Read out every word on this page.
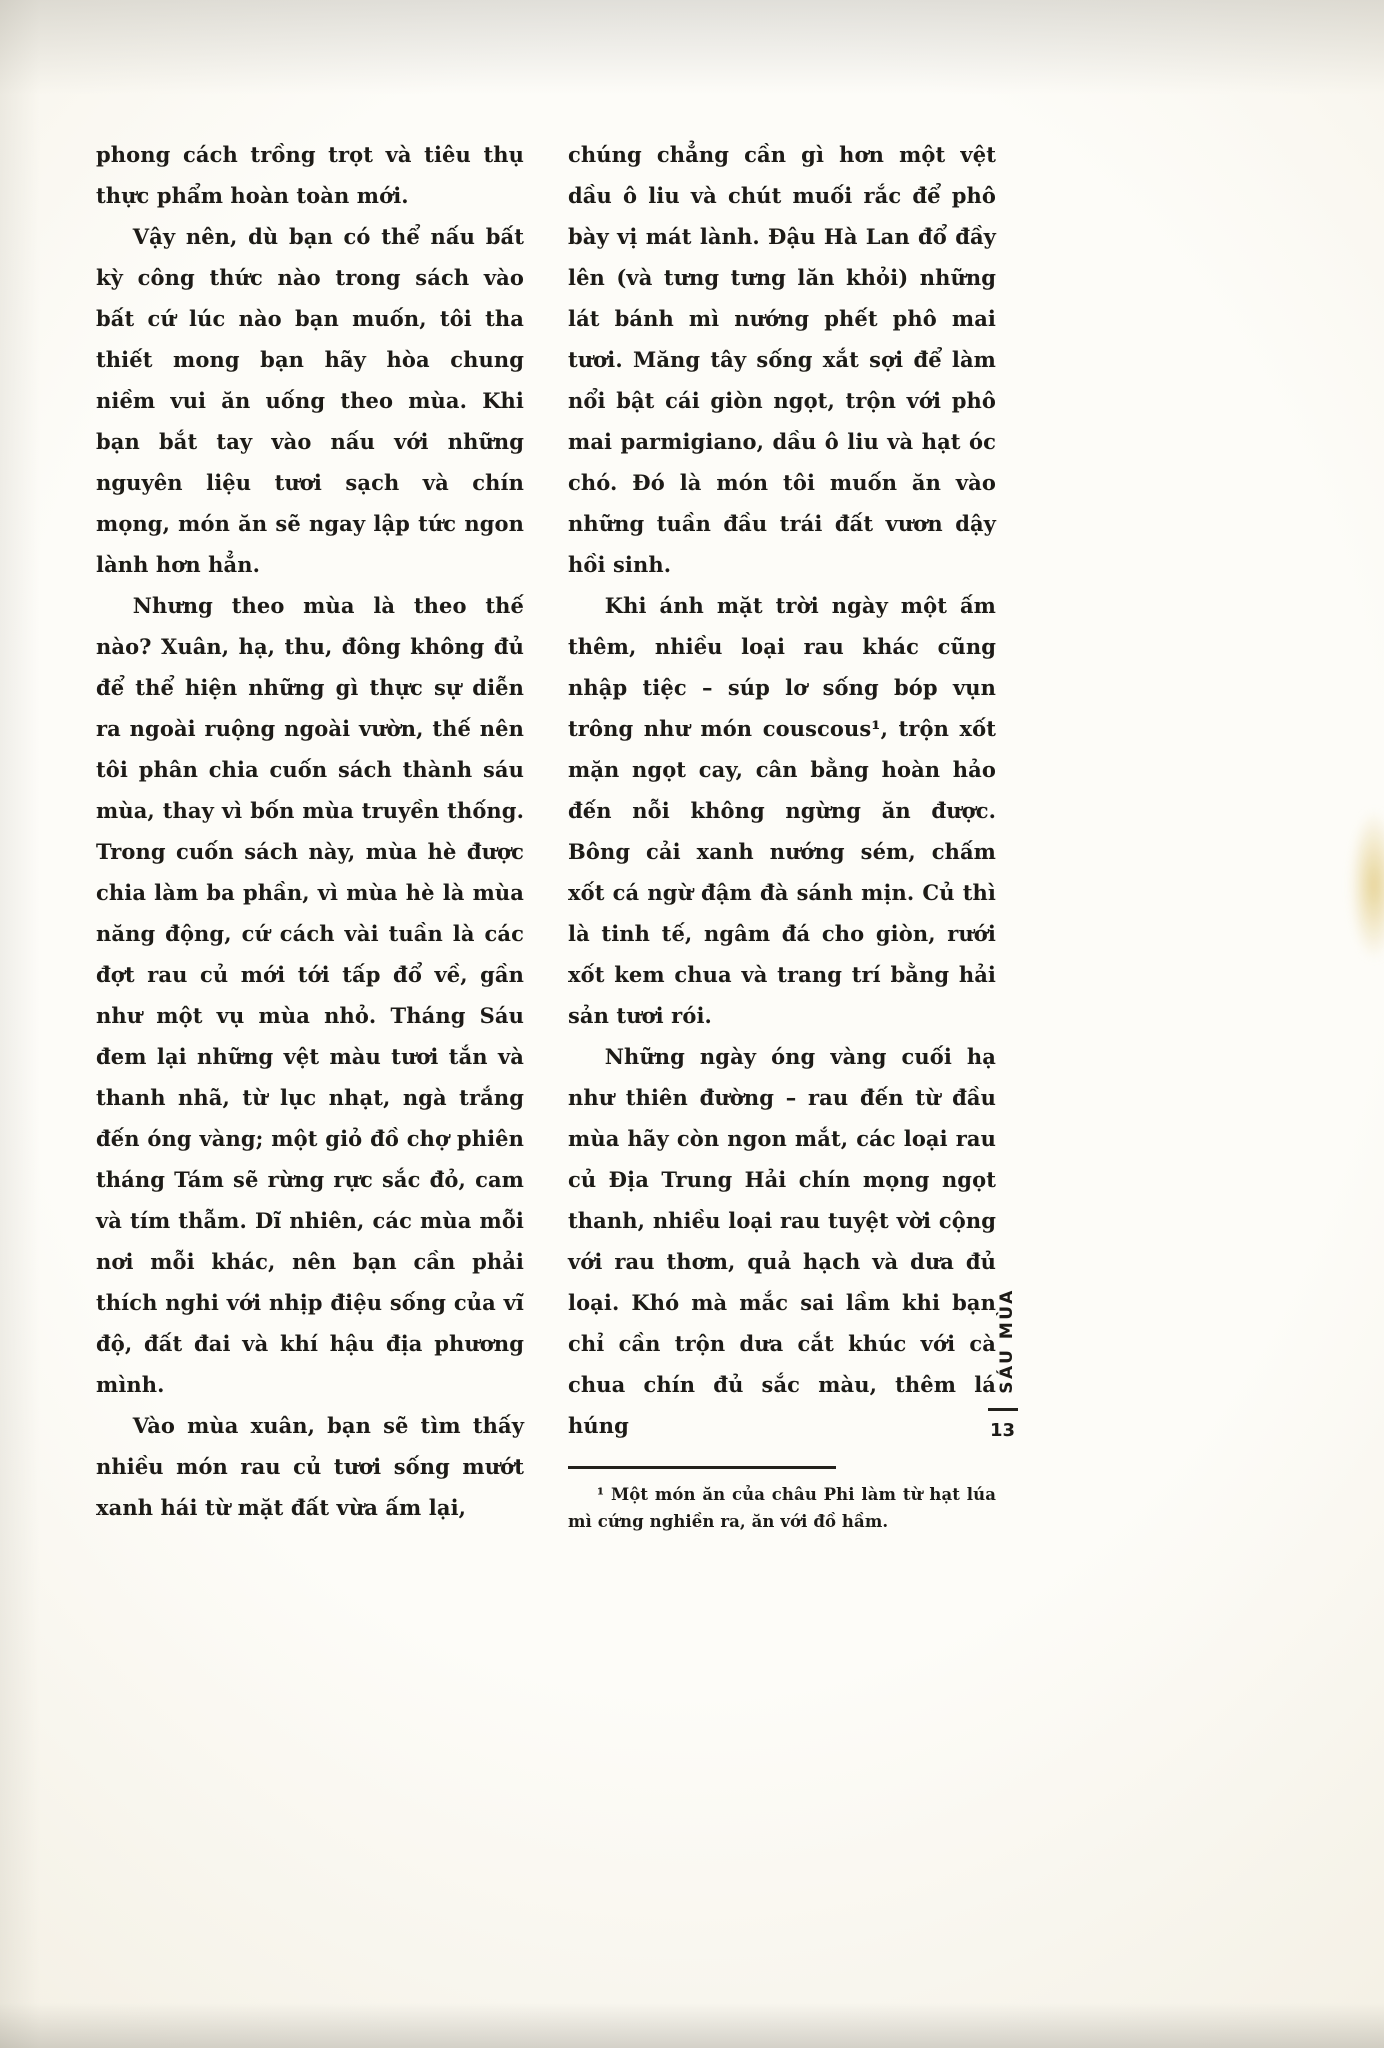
phong cách trồng trọt và tiêu thụ thực phẩm hoàn toàn mới.

Vậy nên, dù bạn có thể nấu bất kỳ công thức nào trong sách vào bất cứ lúc nào bạn muốn, tôi tha thiết mong bạn hãy hòa chung niềm vui ăn uống theo mùa. Khi bạn bắt tay vào nấu với những nguyên liệu tươi sạch và chín mọng, món ăn sẽ ngay lập tức ngon lành hơn hẳn.

Nhưng theo mùa là theo thế nào? Xuân, hạ, thu, đông không đủ để thể hiện những gì thực sự diễn ra ngoài ruộng ngoài vườn, thế nên tôi phân chia cuốn sách thành sáu mùa, thay vì bốn mùa truyền thống. Trong cuốn sách này, mùa hè được chia làm ba phần, vì mùa hè là mùa năng động, cứ cách vài tuần là các đợt rau củ mới tới tấp đổ về, gần như một vụ mùa nhỏ. Tháng Sáu đem lại những vệt màu tươi tắn và thanh nhã, từ lục nhạt, ngà trắng đến óng vàng; một giỏ đồ chợ phiên tháng Tám sẽ rừng rực sắc đỏ, cam và tím thẫm. Dĩ nhiên, các mùa mỗi nơi mỗi khác, nên bạn cần phải thích nghi với nhịp điệu sống của vĩ độ, đất đai và khí hậu địa phương mình.

Vào mùa xuân, bạn sẽ tìm thấy nhiều món rau củ tươi sống mướt xanh hái từ mặt đất vừa ấm lại,

chúng chẳng cần gì hơn một vệt dầu ô liu và chút muối rắc để phô bày vị mát lành. Đậu Hà Lan đổ đầy lên (và tưng tưng lăn khỏi) những lát bánh mì nướng phết phô mai tươi. Măng tây sống xắt sợi để làm nổi bật cái giòn ngọt, trộn với phô mai parmigiano, dầu ô liu và hạt óc chó. Đó là món tôi muốn ăn vào những tuần đầu trái đất vươn dậy hồi sinh.

Khi ánh mặt trời ngày một ấm thêm, nhiều loại rau khác cũng nhập tiệc – súp lơ sống bóp vụn trông như món couscous¹, trộn xốt mặn ngọt cay, cân bằng hoàn hảo đến nỗi không ngừng ăn được. Bông cải xanh nướng sém, chấm xốt cá ngừ đậm đà sánh mịn. Củ thì là tinh tế, ngâm đá cho giòn, rưới xốt kem chua và trang trí bằng hải sản tươi rói.

Những ngày óng vàng cuối hạ như thiên đường – rau đến từ đầu mùa hãy còn ngon mắt, các loại rau củ Địa Trung Hải chín mọng ngọt thanh, nhiều loại rau tuyệt vời cộng với rau thơm, quả hạch và dưa đủ loại. Khó mà mắc sai lầm khi bạn chỉ cần trộn dưa cắt khúc với cà chua chín đủ sắc màu, thêm lá húng

¹ Một món ăn của châu Phi làm từ hạt lúa mì cứng nghiền ra, ăn với đồ hầm.

SÁU MÙA
13
